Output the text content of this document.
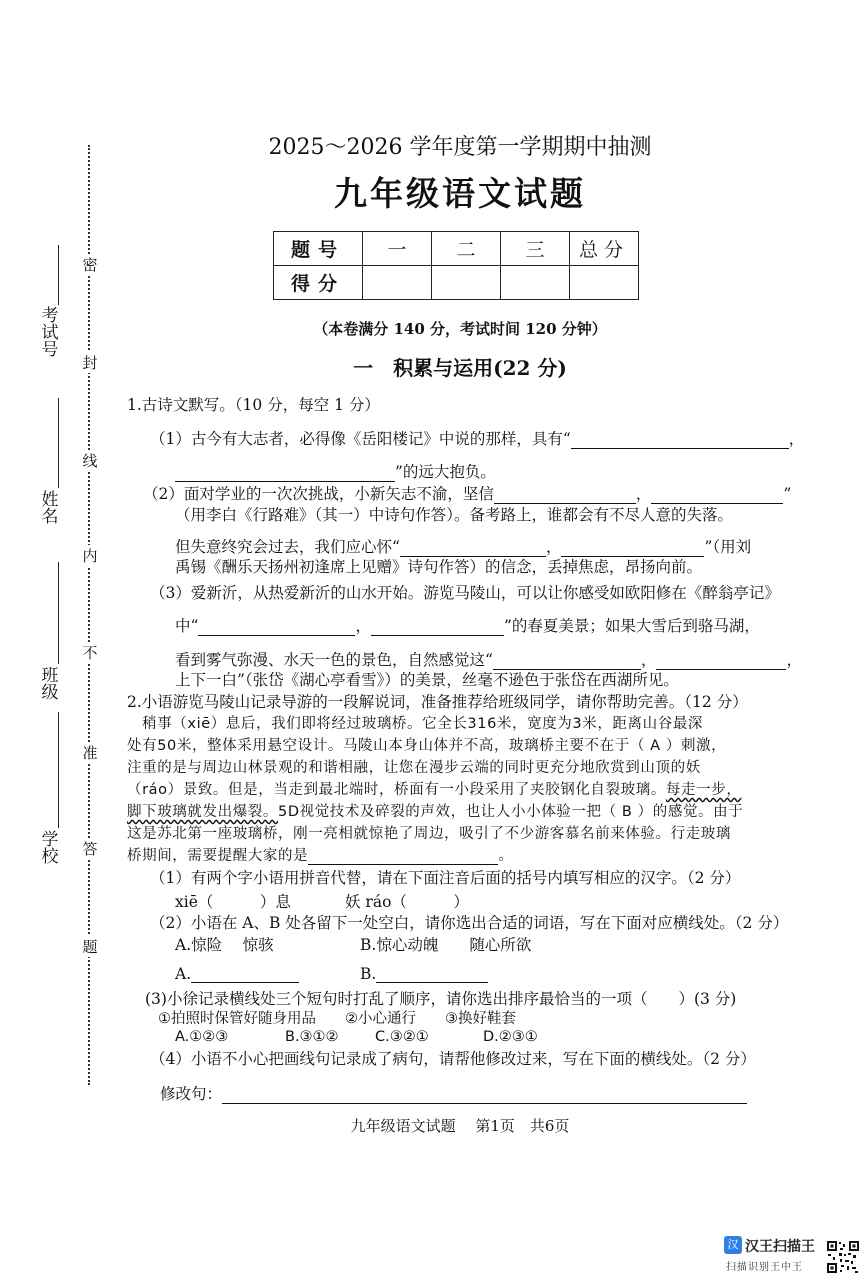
考试号
姓名
班级
学校
密
封
线
内
不
准
答
题
2025～2026 学年度第一学期期中抽测
九年级语文试题
题号	一	二	三	总分
得分				
（本卷满分 140 分，考试时间 120 分钟）
一　积累与运用(22 分)
1.古诗文默写。（10 分，每空 1 分）
（1）古今有大志者，必得像《岳阳楼记》中说的那样，具有“	，
”的远大抱负。
（2）面对学业的一次次挑战，小新矢志不渝，坚信	，	”
（用李白《行路难》（其一）中诗句作答）。备考路上，谁都会有不尽人意的失落。
但失意终究会过去，我们应心怀“	，	”（用刘
禹锡《酬乐天扬州初逢席上见赠》诗句作答）的信念，丢掉焦虑，昂扬向前。
（3）爱新沂，从热爱新沂的山水开始。游览马陵山，可以让你感受如欧阳修在《醉翁亭记》
中“	，	”的春夏美景；如果大雪后到骆马湖，
看到雾气弥漫、水天一色的景色，自然感觉这“	，	，
上下一白”（张岱《湖心亭看雪》）的美景，丝毫不逊色于张岱在西湖所见。
2.小语游览马陵山记录导游的一段解说词，准备推荐给班级同学，请你帮助完善。（12 分）
　稍事（xiē）息后，我们即将经过玻璃桥。它全长316米，宽度为3米，距离山谷最深
处有50米，整体采用悬空设计。马陵山本身山体并不高，玻璃桥主要不在于（ A ）刺激，
注重的是与周边山林景观的和谐相融，让您在漫步云端的同时更充分地欣赏到山顶的妖
（ráo）景致。但是，当走到最北端时，桥面有一小段采用了夹胶钢化自裂玻璃。每走一步，
脚下玻璃就发出爆裂。5D视觉技术及碎裂的声效，也让人小小体验一把（ B ）的感觉。由于
这是苏北第一座玻璃桥，刚一亮相就惊艳了周边，吸引了不少游客慕名前来体验。行走玻璃
桥期间，需要提醒大家的是	。
（1）有两个字小语用拼音代替，请在下面注音后面的括号内填写相应的汉字。（2 分）
xiē（　　　）息	妖 ráo（　　　）
（2）小语在 A、B 处各留下一处空白，请你选出合适的词语，写在下面对应横线处。（2 分）
A.惊险　 惊骇	B.惊心动魄　　随心所欲
A.	B.
(3)小徐记录横线处三个短句时打乱了顺序，请你选出排序最恰当的一项（　　）(3 分)
①拍照时保管好随身用品　　②小心通行　　③换好鞋套
A.①②③	B.③①②	C.③②①	D.②③①
（4）小语不小心把画线句记录成了病句，请帮他修改过来，写在下面的横线处。（2 分）
修改句：
九年级语文试题　 第1页　共6页
汉 汉王扫描王
扫描识别王中王
